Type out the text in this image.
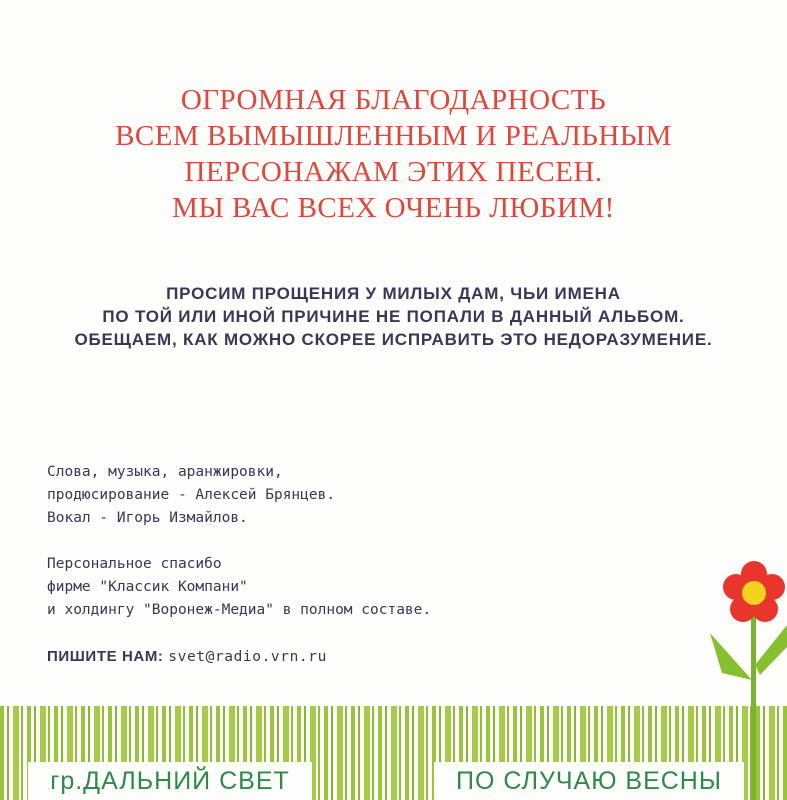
ОГРОМНАЯ БЛАГОДАРНОСТЬ
ВСЕМ ВЫМЫШЛЕННЫМ И РЕАЛЬНЫМ
ПЕРСОНАЖАМ ЭТИХ ПЕСЕН.
МЫ ВАС ВСЕХ ОЧЕНЬ ЛЮБИМ!
ПРОСИМ ПРОЩЕНИЯ У МИЛЫХ ДАМ, ЧЬИ ИМЕНА
ПО ТОЙ ИЛИ ИНОЙ ПРИЧИНЕ НЕ ПОПАЛИ В ДАННЫЙ АЛЬБОМ.
ОБЕЩАЕМ, КАК МОЖНО СКОРЕЕ ИСПРАВИТЬ ЭТО НЕДОРАЗУМЕНИЕ.
Слова, музыка, аранжировки,
продюсирование - Алексей Брянцев.
Вокал - Игорь Измайлов.
Персональное спасибо
фирме "Классик Компани"
и холдингу "Воронеж-Медиа" в полном составе.
ПИШИТЕ НАМ: svet@radio.vrn.ru
гр.ДАЛЬНИЙ СВЕТ	ПО СЛУЧАЮ ВЕСНЫ
